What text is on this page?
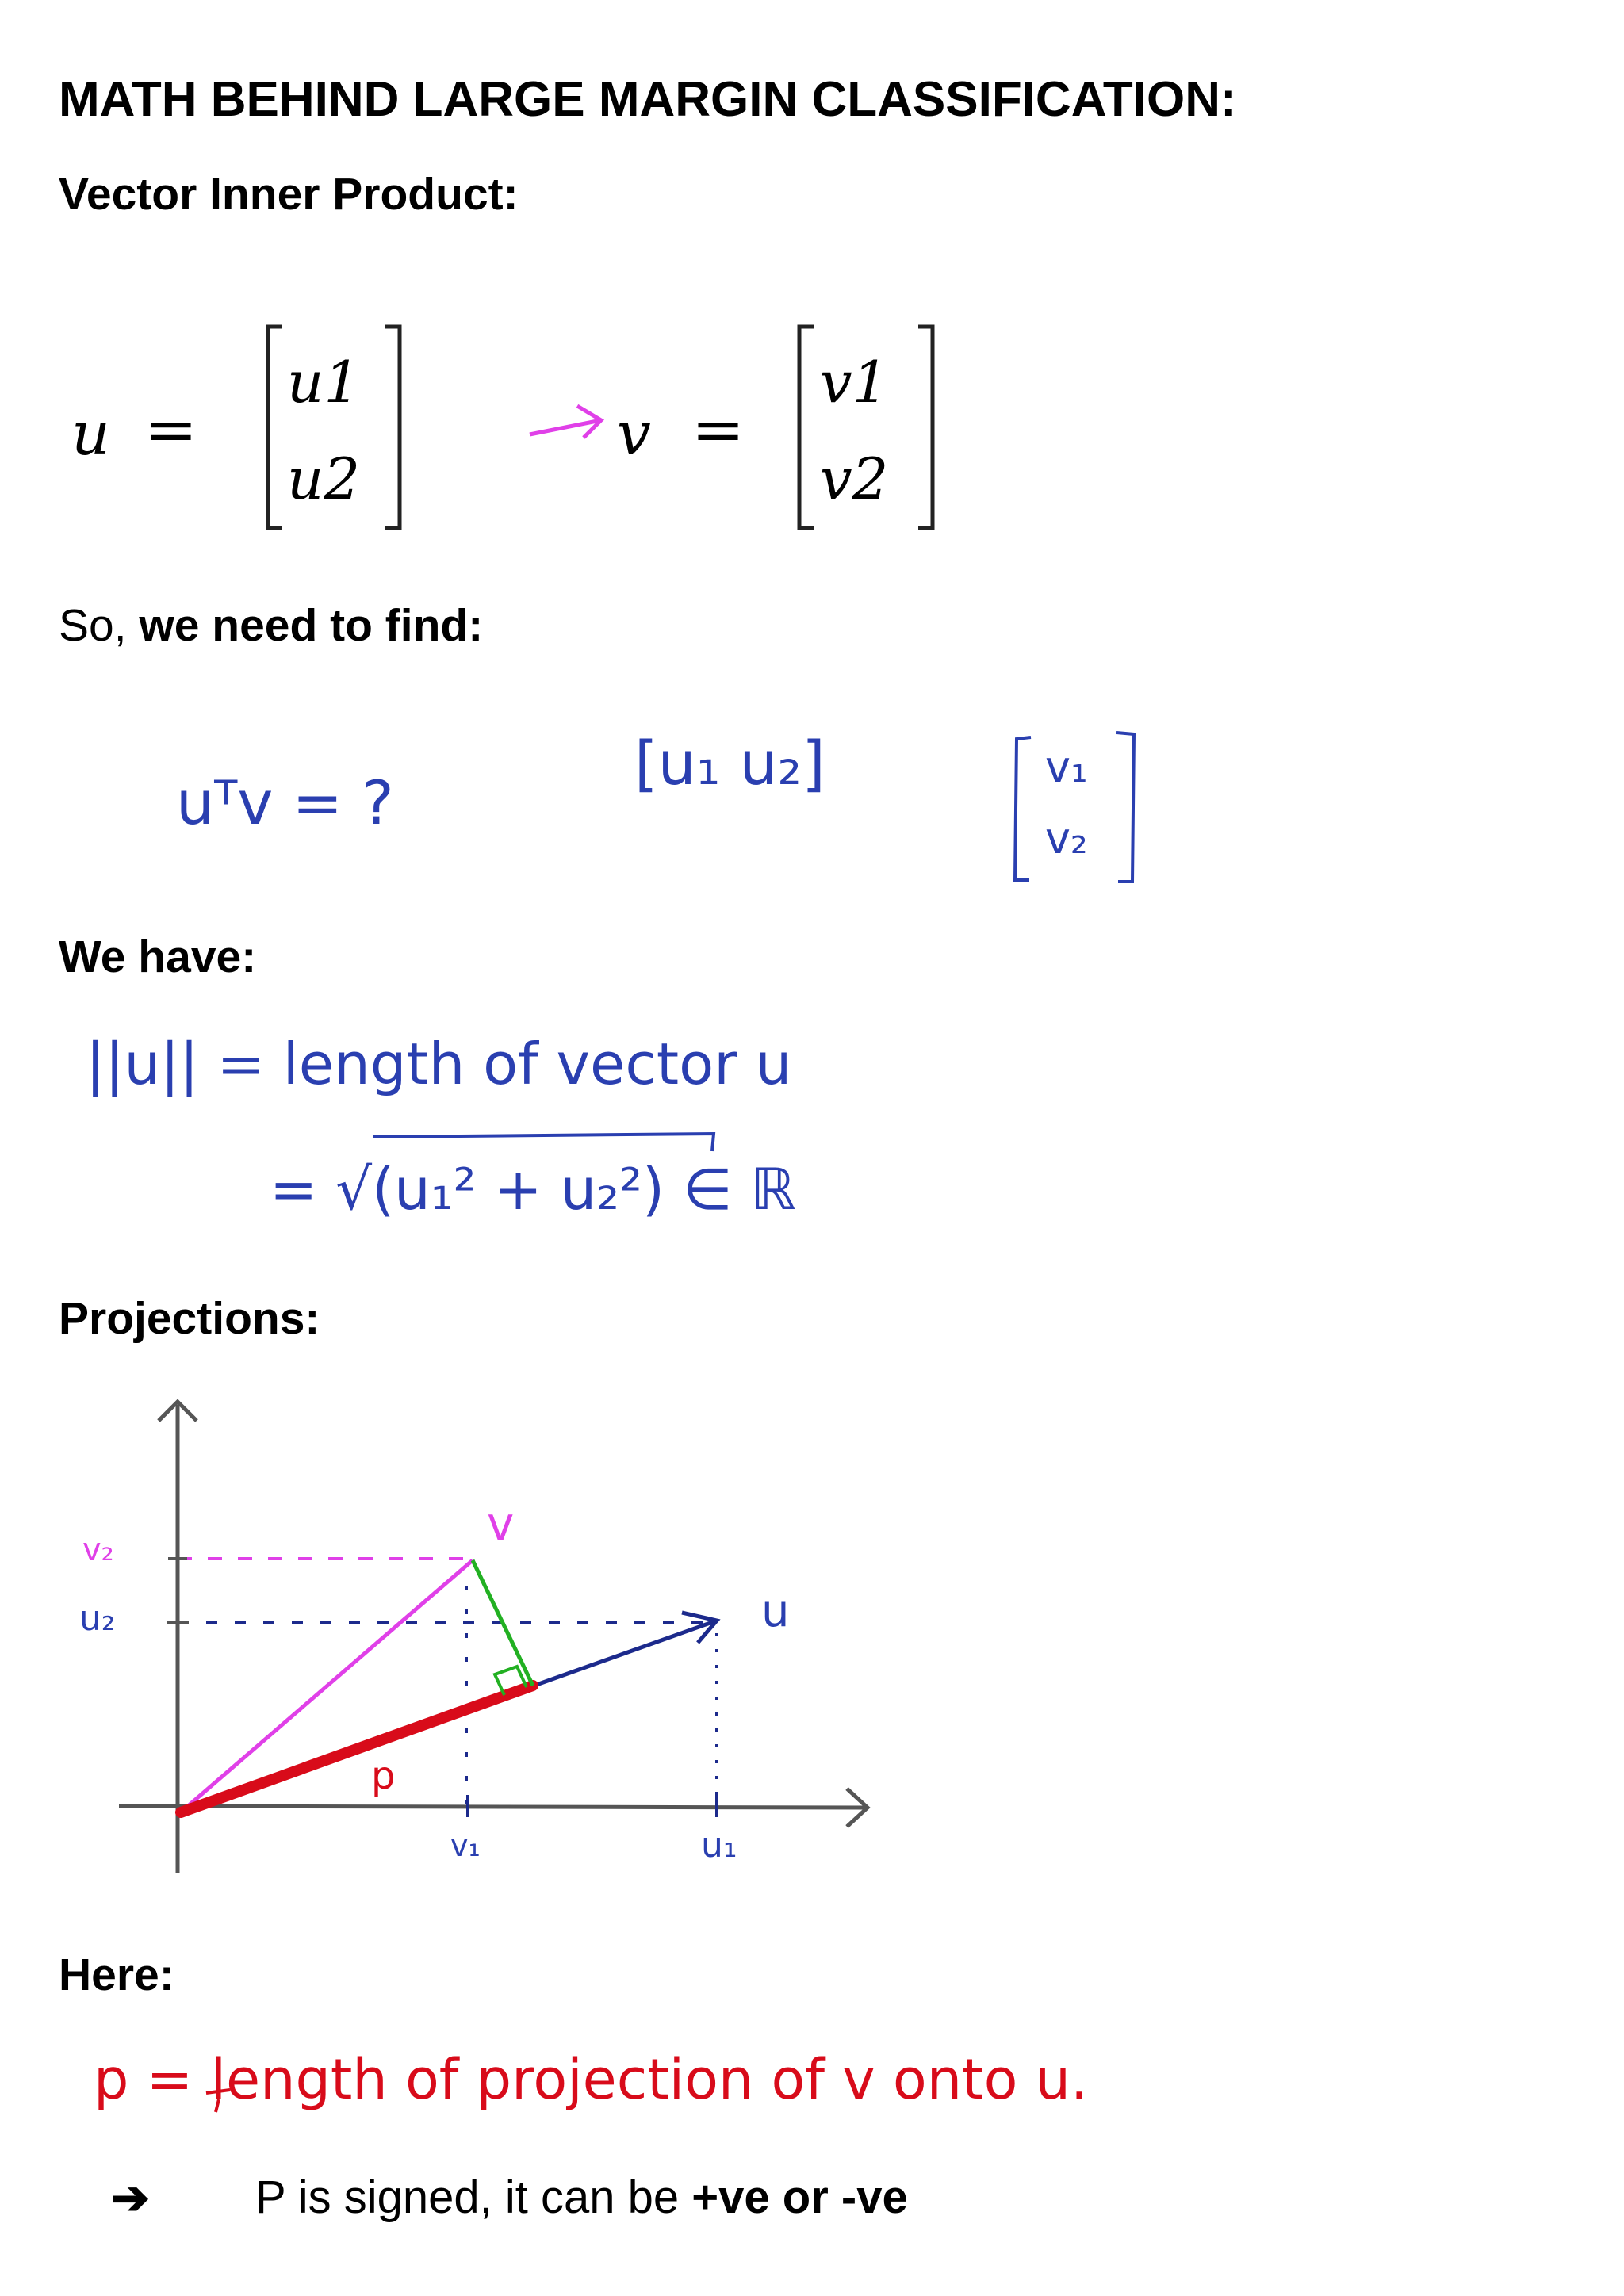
MATH BEHIND LARGE MARGIN CLASSIFICATION:
Vector Inner Product:
u =
u1
u2
v =
v1
v2
So, we need to find:
uᵀv = ?
[u₁ u₂]	v₁
v₂
We have:
||u|| = length of vector u
= √(u₁² + u₂²) ∈ ℝ
Projections:
Here:
p = length of projection of v onto u.
➔ P is signed, it can be +ve or -ve
v₂
u₂
v
u
p
v₁	u₁
